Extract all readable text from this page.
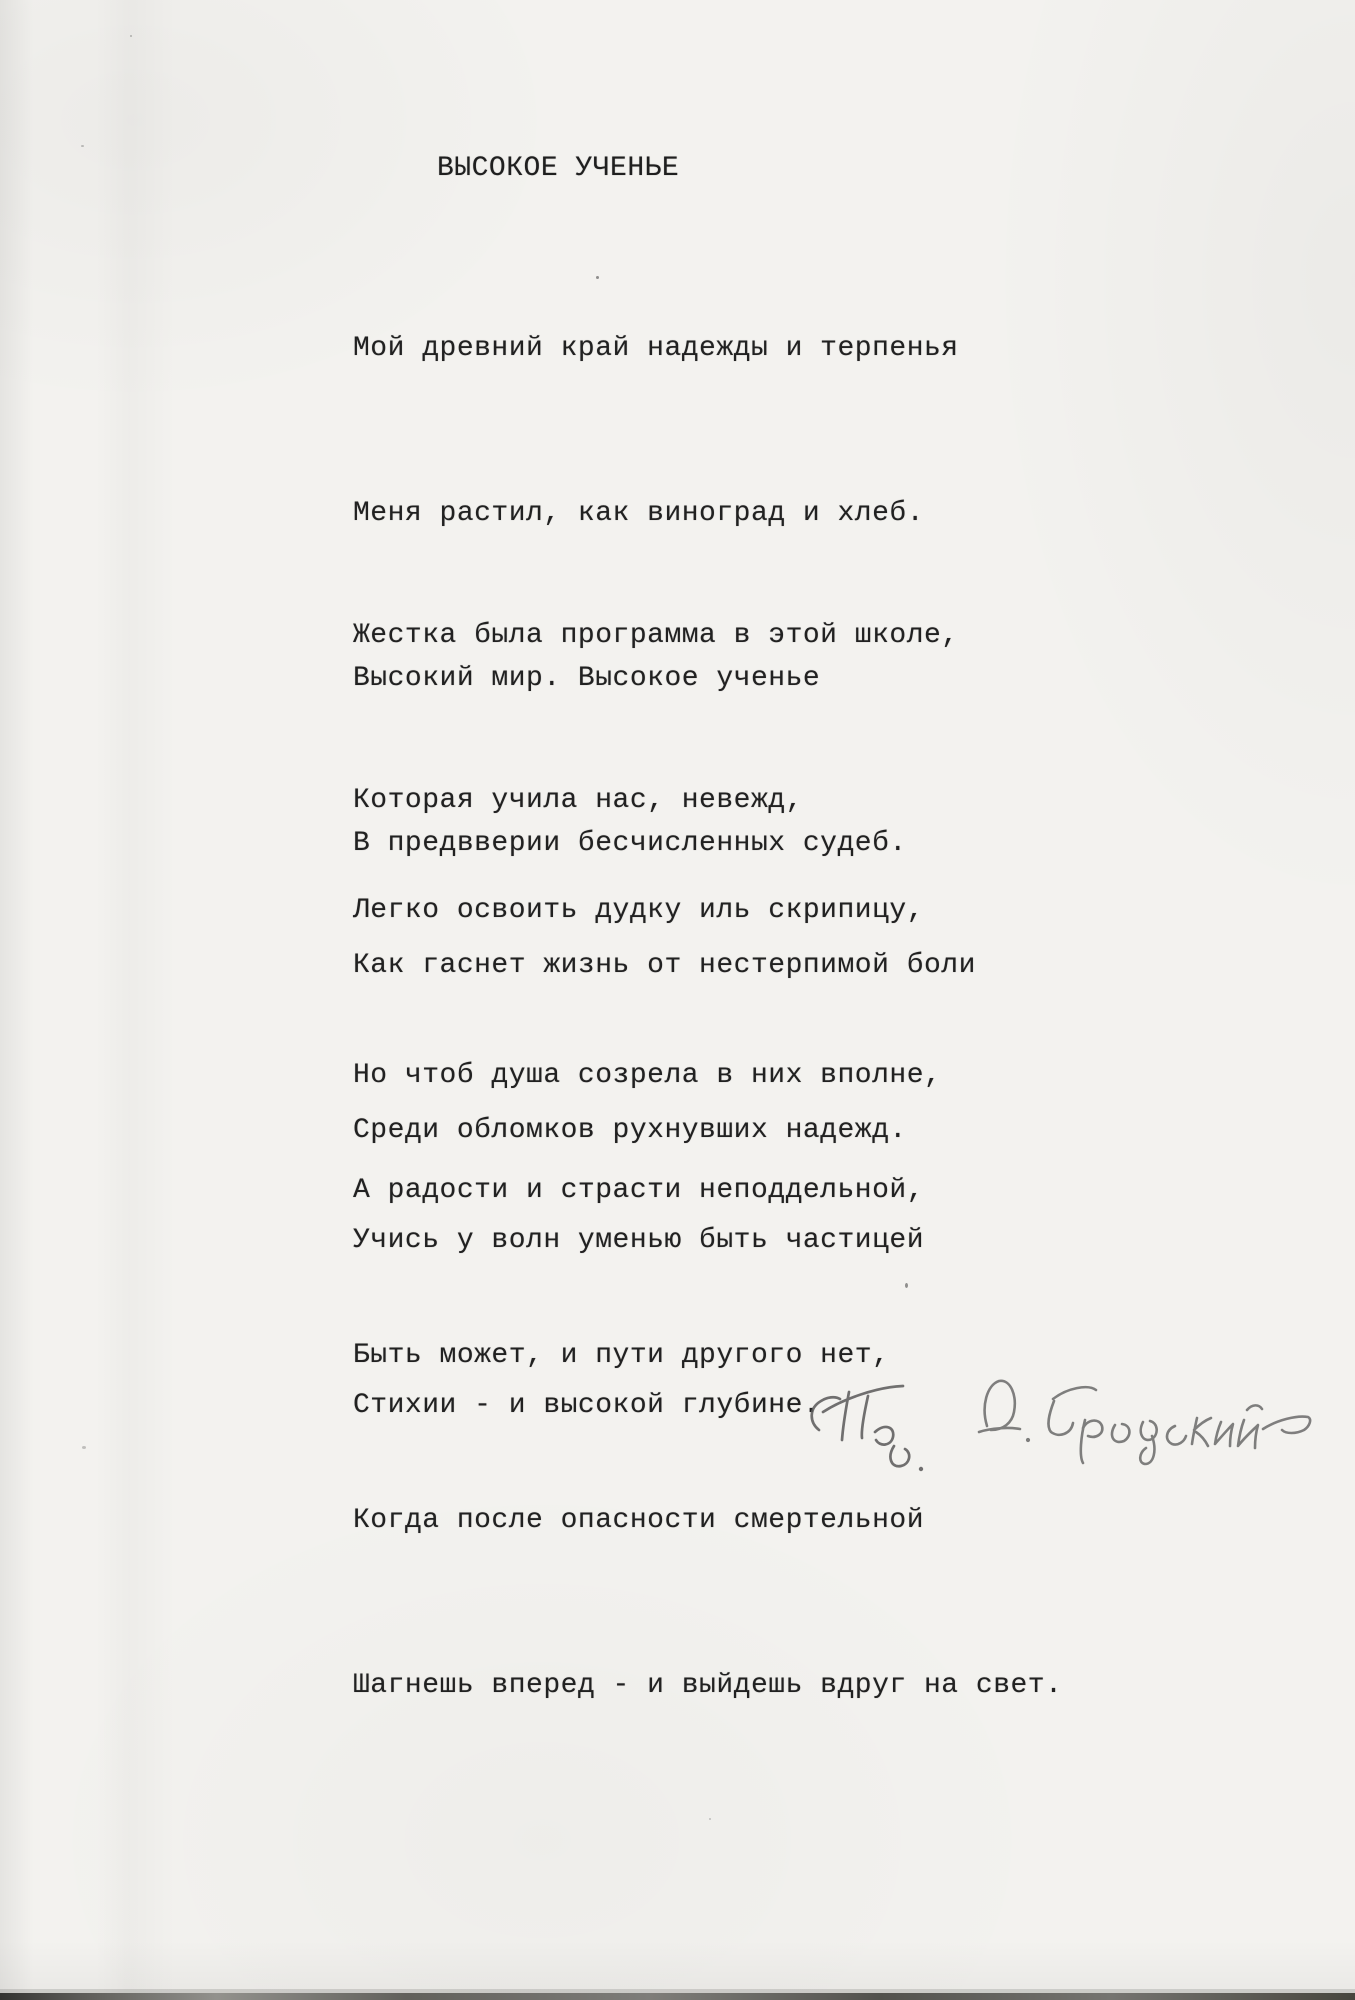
ВЫСОКОЕ УЧЕНЬЕ

Мой древний край надежды и терпенья

Меня растил, как виноград и хлеб.

Высокий мир. Высокое ученье

В предвверии бесчисленных судеб.

Жестка была программа в этой школе,

Которая учила нас, невежд,

Как гаснет жизнь от нестерпимой боли

Среди обломков рухнувших надежд.

Легко освоить дудку иль скрипицу,

Но чтоб душа созрела в них вполне,

Учись у волн уменью быть частицей

Стихии - и высокой глубине.

А радости и страсти неподдельной,

Быть может, и пути другого нет,

Когда после опасности смертельной

Шагнешь вперед - и выйдешь вдруг на свет.
